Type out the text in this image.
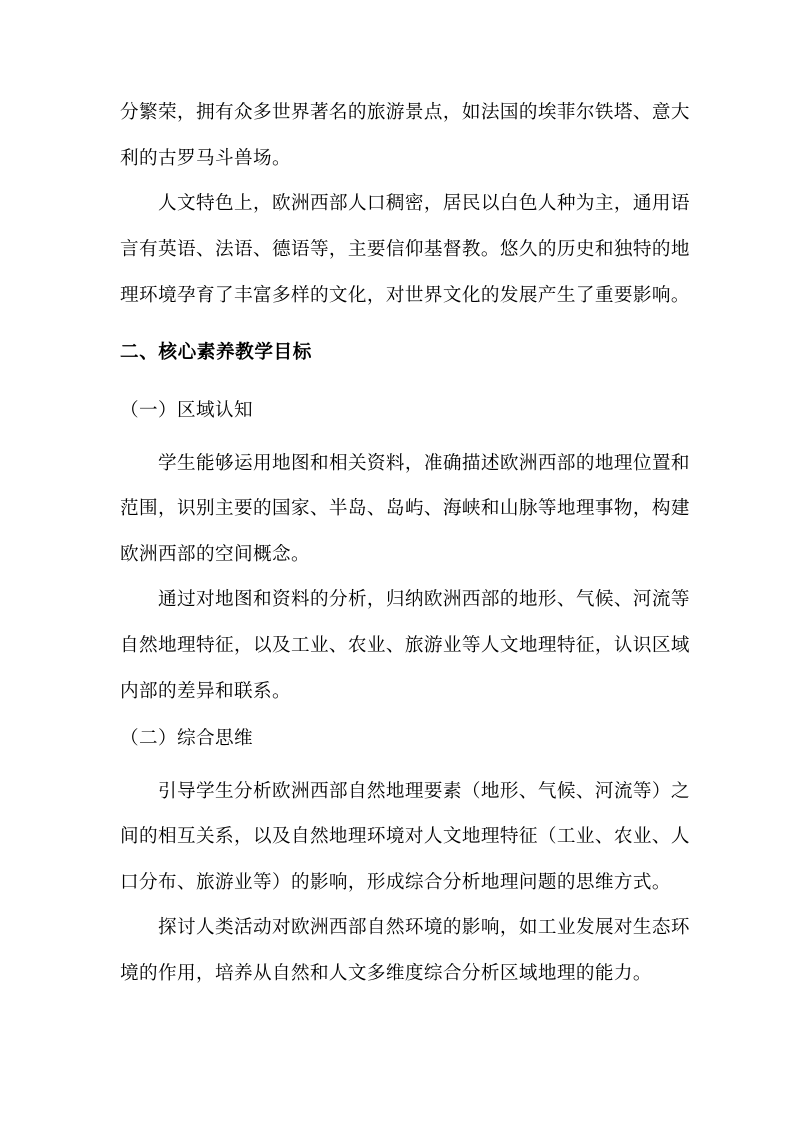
分繁荣，拥有众多世界著名的旅游景点，如法国的埃菲尔铁塔、意大
利的古罗马斗兽场。
人文特色上，欧洲西部人口稠密，居民以白色人种为主，通用语
言有英语、法语、德语等，主要信仰基督教。悠久的历史和独特的地
理环境孕育了丰富多样的文化，对世界文化的发展产生了重要影响。
二、核心素养教学目标
（一）区域认知
学生能够运用地图和相关资料，准确描述欧洲西部的地理位置和
范围，识别主要的国家、半岛、岛屿、海峡和山脉等地理事物，构建
欧洲西部的空间概念。
通过对地图和资料的分析，归纳欧洲西部的地形、气候、河流等
自然地理特征，以及工业、农业、旅游业等人文地理特征，认识区域
内部的差异和联系。
（二）综合思维
引导学生分析欧洲西部自然地理要素（地形、气候、河流等）之
间的相互关系，以及自然地理环境对人文地理特征（工业、农业、人
口分布、旅游业等）的影响，形成综合分析地理问题的思维方式。
探讨人类活动对欧洲西部自然环境的影响，如工业发展对生态环
境的作用，培养从自然和人文多维度综合分析区域地理的能力。
